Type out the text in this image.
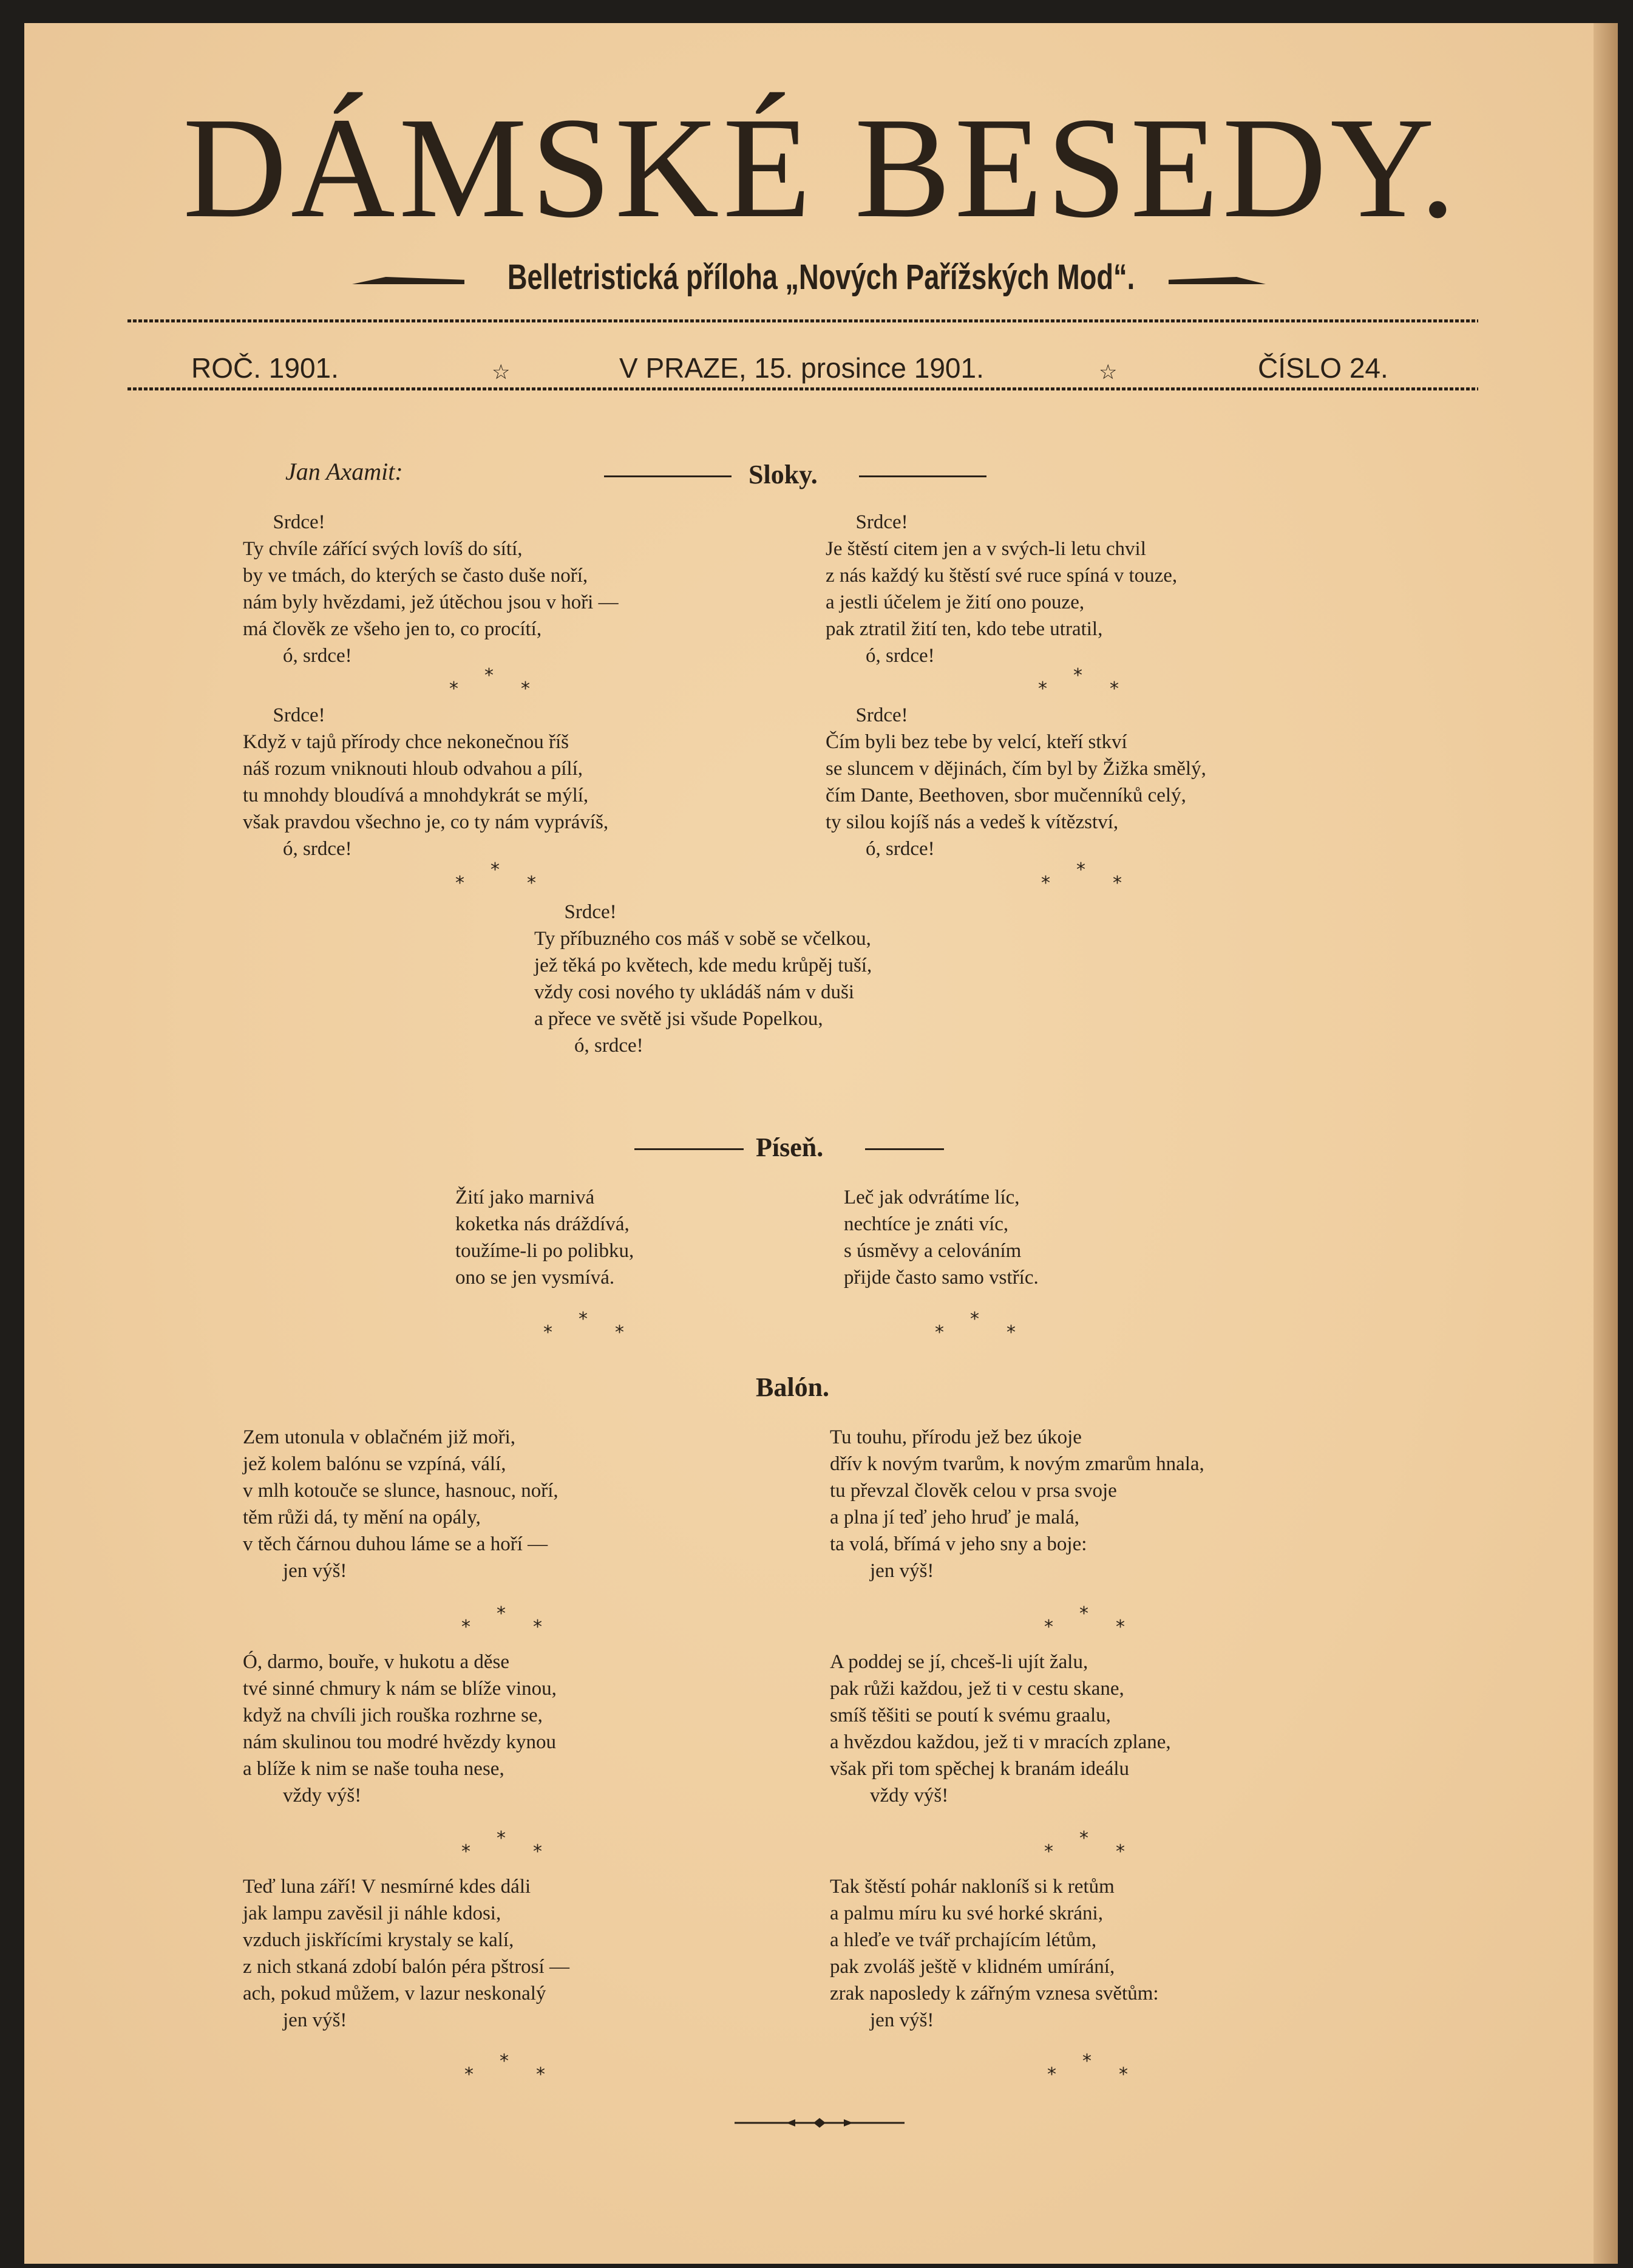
DÁMSKÉ BESEDY.
Belletristická příloha „Nových Pařížských Mod“.
ROČ. 1901.	☆	V PRAZE, 15. prosince 1901.	☆	ČÍSLO 24.
Jan Axamit:	Sloky.
Srdce!
Ty chvíle zářící svých lovíš do sítí,
by ve tmách, do kterých se často duše noří,
nám byly hvězdami, jež útěchou jsou v hoři —
má člověk ze všeho jen to, co procítí,
ó, srdce!
Srdce!
Je štěstí citem jen a v svých-li letu chvil
z nás každý ku štěstí své ruce spíná v touze,
a jestli účelem je žití ono pouze,
pak ztratil žití ten, kdo tebe utratil,
ó, srdce!
*
*	*
*
*	*
Srdce!
Když v tajů přírody chce nekonečnou říš
náš rozum vniknouti hloub odvahou a pílí,
tu mnohdy bloudívá a mnohdykrát se mýlí,
však pravdou všechno je, co ty nám vyprávíš,
ó, srdce!
Srdce!
Čím byli bez tebe by velcí, kteří stkví
se sluncem v dějinách, čím byl by Žižka smělý,
čím Dante, Beethoven, sbor mučenníků celý,
ty silou kojíš nás a vedeš k vítězství,
ó, srdce!
*
*	*
*
*	*
Srdce!
Ty příbuzného cos máš v sobě se včelkou,
jež těká po květech, kde medu krůpěj tuší,
vždy cosi nového ty ukládáš nám v duši
a přece ve světě jsi všude Popelkou,
ó, srdce!
Píseň.
Žití jako marnivá
koketka nás dráždívá,
toužíme-li po polibku,
ono se jen vysmívá.
Leč jak odvrátíme líc,
nechtíce je znáti víc,
s úsměvy a celováním
přijde často samo vstříc.
*
*	*
*
*	*
Balón.
Zem utonula v oblačném již moři,
jež kolem balónu se vzpíná, válí,
v mlh kotouče se slunce, hasnouc, noří,
těm růži dá, ty mění na opály,
v těch čárnou duhou láme se a hoří —
jen výš!
Tu touhu, přírodu jež bez úkoje
dřív k novým tvarům, k novým zmarům hnala,
tu převzal člověk celou v prsa svoje
a plna jí teď jeho hruď je malá,
ta volá, břímá v jeho sny a boje:
jen výš!
*
*	*
*
*	*
Ó, darmo, bouře, v hukotu a děse
tvé sinné chmury k nám se blíže vinou,
když na chvíli jich rouška rozhrne se,
nám skulinou tou modré hvězdy kynou
a blíže k nim se naše touha nese,
vždy výš!
A poddej se jí, chceš-li ujít žalu,
pak růži každou, jež ti v cestu skane,
smíš těšiti se poutí k svému graalu,
a hvězdou každou, jež ti v mracích zplane,
však při tom spěchej k branám ideálu
vždy výš!
*
*	*
*
*	*
Teď luna září! V nesmírné kdes dáli
jak lampu zavěsil ji náhle kdosi,
vzduch jiskřícími krystaly se kalí,
z nich stkaná zdobí balón péra pštrosí —
ach, pokud můžem, v lazur neskonalý
jen výš!
Tak štěstí pohár nakloníš si k retům
a palmu míru ku své horké skráni,
a hleďe ve tvář prchajícím létům,
pak zvoláš ještě v klidném umírání,
zrak naposledy k zářným vznesa světům:
jen výš!
*
*	*
*
*	*
